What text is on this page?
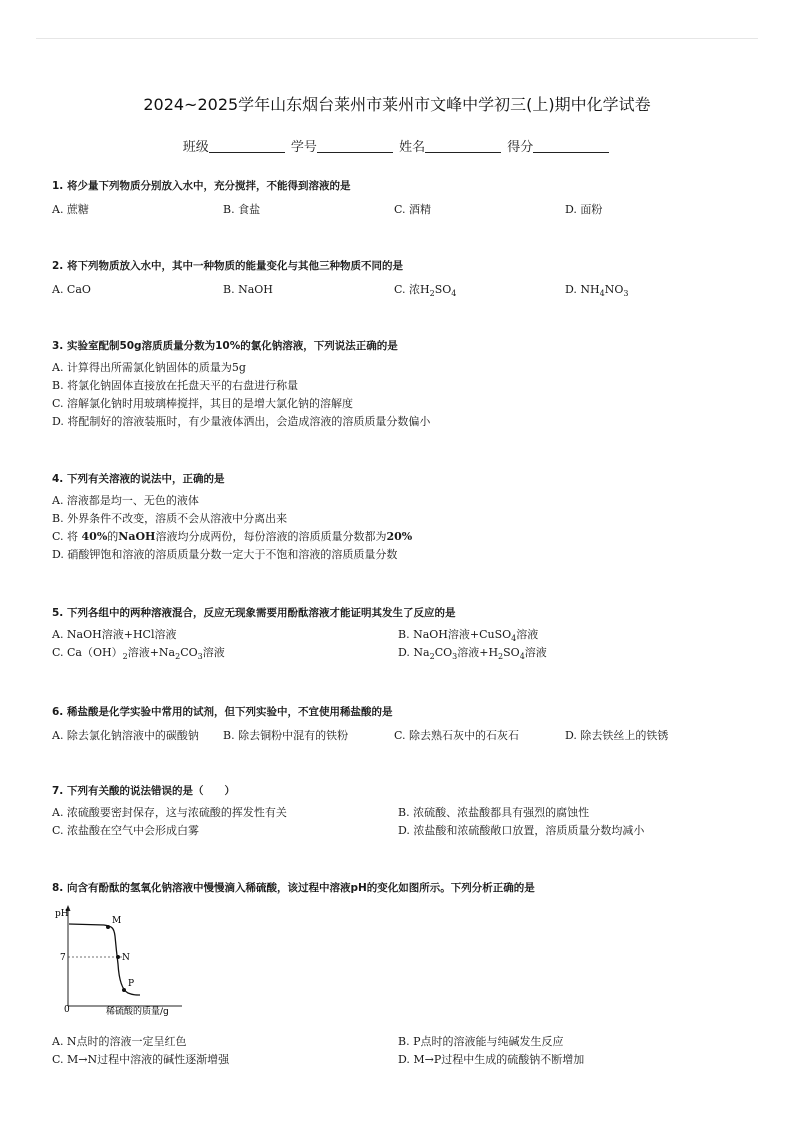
2024~2025学年山东烟台莱州市莱州市文峰中学初三(上)期中化学试卷
班级	学号	姓名	得分
1. 将少量下列物质分别放入水中，充分搅拌，不能得到溶液的是
A. 蔗糖	B. 食盐	C. 酒精	D. 面粉
2. 将下列物质放入水中，其中一种物质的能量变化与其他三种物质不同的是
A. CaO	B. NaOH	C. 浓$H_2SO_4$	D. $NH_4NO_3$
3. 实验室配制50g溶质质量分数为10%的氯化钠溶液，下列说法正确的是
A. 计算得出所需氯化钠固体的质量为5g
B. 将氯化钠固体直接放在托盘天平的右盘进行称量
C. 溶解氯化钠时用玻璃棒搅拌，其目的是增大氯化钠的溶解度
D. 将配制好的溶液装瓶时，有少量液体洒出，会造成溶液的溶质质量分数偏小
4. 下列有关溶液的说法中，正确的是
A. 溶液都是均一、无色的液体
B. 外界条件不改变，溶质不会从溶液中分离出来
C. 将 40%的NaOH溶液均分成两份，每份溶液的溶质质量分数都为20%
D. 硝酸钾饱和溶液的溶质质量分数一定大于不饱和溶液的溶质质量分数
5. 下列各组中的两种溶液混合，反应无现象需要用酚酞溶液才能证明其发生了反应的是
A. NaOH溶液+HCl溶液	B. NaOH溶液+CuSO$_4$溶液
C. $Ca(OH)_2$溶液$+Na_2CO_3$溶液	D. $Na_2CO_3$溶液$+H_2SO_4$溶液
6. 稀盐酸是化学实验中常用的试剂，但下列实验中，不宜使用稀盐酸的是
A. 除去氯化钠溶液中的碳酸钠	B. 除去铜粉中混有的铁粉	C. 除去熟石灰中的石灰石	D. 除去铁丝上的铁锈
7. 下列有关酸的说法错误的是（　　）
A. 浓硫酸要密封保存，这与浓硫酸的挥发性有关	B. 浓硫酸、浓盐酸都具有强烈的腐蚀性
C. 浓盐酸在空气中会形成白雾	D. 浓盐酸和浓硫酸敞口放置，溶质质量分数均减小
8. 向含有酚酞的氢氧化钠溶液中慢慢滴入稀硫酸，该过程中溶液pH的变化如图所示。下列分析正确的是
pH
7
0	稀硫酸的质量/g
M
N
P
A. N点时的溶液一定呈红色	B. P点时的溶液能与纯碱发生反应
C. M→N过程中溶液的碱性逐渐增强	D. M→P过程中生成的硫酸钠不断增加
